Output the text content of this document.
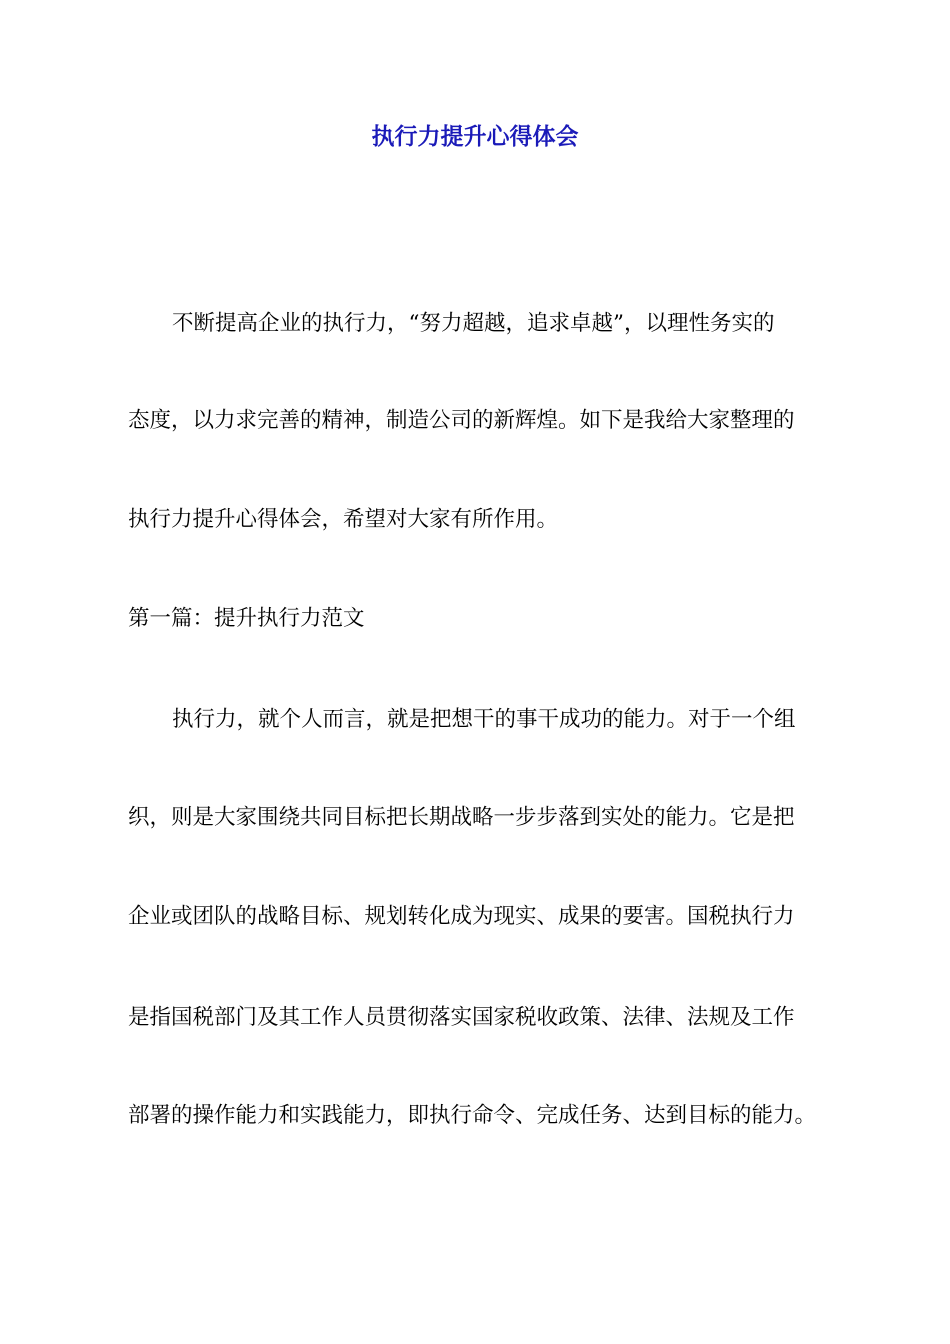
执行力提升心得体会

不断提高企业的执行力，“努力超越，追求卓越”，以理性务实的

态度，以力求完善的精神，制造公司的新辉煌。如下是我给大家整理的

执行力提升心得体会，希望对大家有所作用。

第一篇：提升执行力范文

执行力，就个人而言，就是把想干的事干成功的能力。对于一个组

织，则是大家围绕共同目标把长期战略一步步落到实处的能力。它是把

企业或团队的战略目标、规划转化成为现实、成果的要害。国税执行力

是指国税部门及其工作人员贯彻落实国家税收政策、法律、法规及工作

部署的操作能力和实践能力，即执行命令、完成任务、达到目标的能力。
